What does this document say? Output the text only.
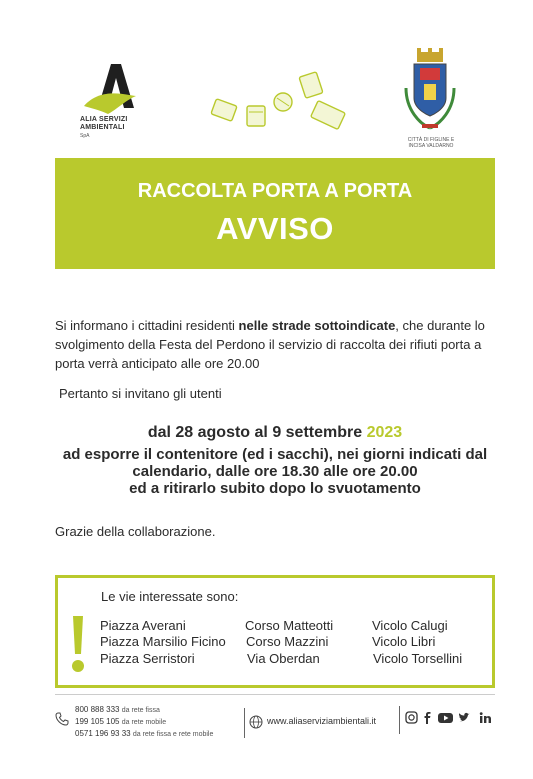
ALIA SERVIZI AMBIENTALI
SpA
CITTÀ DI FIGLINE E INCISA VALDARNO
RACCOLTA PORTA A PORTA
AVVISO
Si informano i cittadini residenti nelle strade sottoindicate, che durante lo svolgimento della Festa del Perdono il servizio di raccolta dei rifiuti porta a porta verrà anticipato alle ore 20.00
Pertanto si invitano gli utenti
dal 28 agosto al 9 settembre 2023
ad esporre il contenitore (ed i sacchi), nei giorni indicati dal
calendario, dalle ore 18.30 alle ore 20.00
ed a ritirarlo subito dopo lo svuotamento
Grazie della collaborazione.
Le vie interessate sono:
Piazza Averani
Piazza Marsilio Ficino
Piazza Serristori
Corso Matteotti
Corso Mazzini
Via Oberdan
Vicolo Calugi
Vicolo Libri
Vicolo Torsellini
800 888 333 da rete fissa
199 105 105 da rete mobile
0571 196 93 33 da rete fissa e rete mobile
www.aliaserviziambientali.it
